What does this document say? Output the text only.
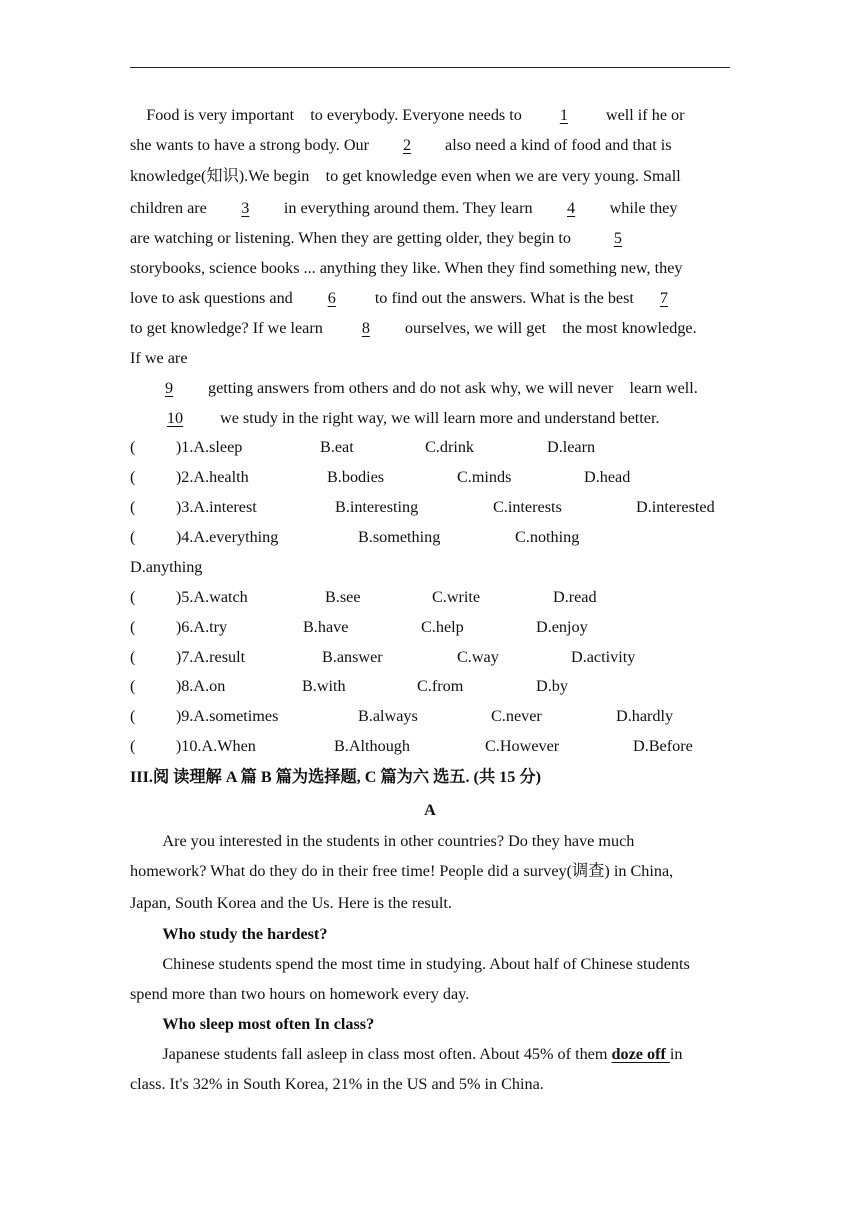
Food is very important    to everybody. Everyone needs to 1 well if he or
she wants to have a strong body. Our 2 also need a kind of food and that is
knowledge(知识).We begin    to get knowledge even when we are very young. Small
children are 3 in everything around them. They learn 4 while they
are watching or listening. When they are getting older, they begin to	5
storybooks, science books ... anything they like. When they find something new, they
love to ask questions and 6 to find out the answers. What is the best 7
to get knowledge? If we learn 8 ourselves, we will get    the most knowledge.
If we are
9 getting answers from others and do not ask why, we will never    learn well.
10 we study in the right way, we will learn more and understand better.
(          )1.A.sleep	B.eat	C.drink	D.learn
(          )2.A.health	B.bodies	C.minds	D.head
(          )3.A.interest	B.interesting	C.interests	D.interested
(          )4.A.everything	B.something	C.nothing
D.anything
(          )5.A.watch	B.see	C.write	D.read
(          )6.A.try	B.have	C.help	D.enjoy
(          )7.A.result	B.answer	C.way	D.activity
(          )8.A.on	B.with	C.from	D.by
(          )9.A.sometimes	B.always	C.never	D.hardly
(          )10.A.When	B.Although	C.However	D.Before
III.阅 读理解 A 篇 B 篇为选择题, C 篇为六 选五. (共 15 分)
A
Are you interested in the students in other countries? Do they have much
homework? What do they do in their free time! People did a survey(调查) in China,
Japan, South Korea and the Us. Here is the result.
Who study the hardest?
Chinese students spend the most time in studying. About half of Chinese students
spend more than two hours on homework every day.
Who sleep most often In class?
Japanese students fall asleep in class most often. About 45% of them doze off in
class. It's 32% in South Korea, 21% in the US and 5% in China.
